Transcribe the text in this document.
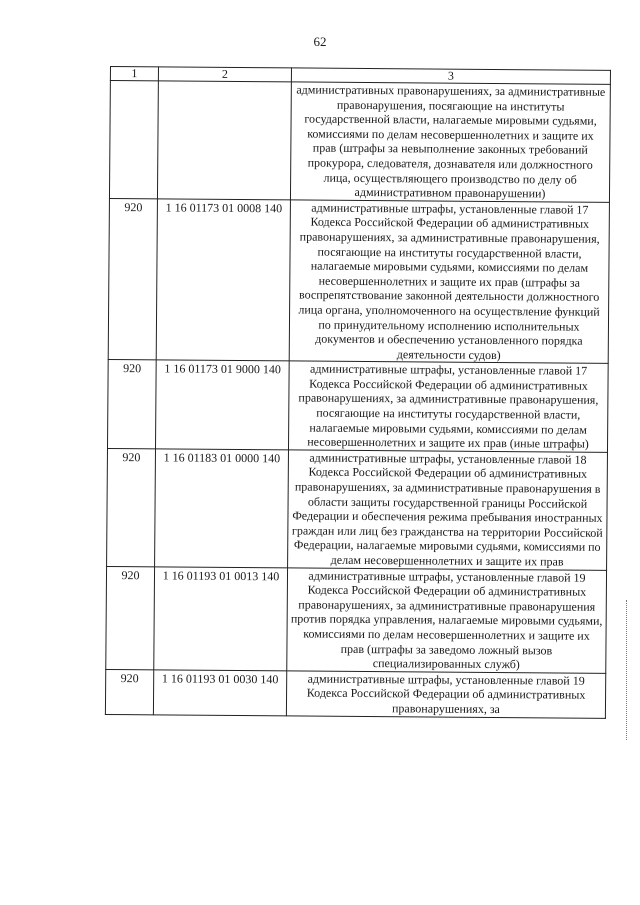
62
1	2	3
		административных правонарушениях, за административные правонарушения, посягающие на институты государственной власти, налагаемые мировыми судьями, комиссиями по делам несовершеннолетних и защите их прав (штрафы за невыполнение законных требований прокурора, следователя, дознавателя или должностного лица, осуществляющего производство по делу об административном правонарушении)
920	1 16 01173 01 0008 140	административные штрафы, установленные главой 17 Кодекса Российской Федерации об административных правонарушениях, за административные правонарушения, посягающие на институты государственной власти, налагаемые мировыми судьями, комиссиями по делам несовершеннолетних и защите их прав (штрафы за воспрепятствование законной деятельности должностного лица органа, уполномоченного на осуществление функций по принудительному исполнению исполнительных документов и обеспечению установленного порядка деятельности судов)
920	1 16 01173 01 9000 140	административные штрафы, установленные главой 17 Кодекса Российской Федерации об административных правонарушениях, за административные правонарушения, посягающие на институты государственной власти, налагаемые мировыми судьями, комиссиями по делам несовершеннолетних и защите их прав (иные штрафы)
920	1 16 01183 01 0000 140	административные штрафы, установленные главой 18 Кодекса Российской Федерации об административных правонарушениях, за административные правонарушения в области защиты государственной границы Российской Федерации и обеспечения режима пребывания иностранных граждан или лиц без гражданства на территории Российской Федерации, налагаемые мировыми судьями, комиссиями по делам несовершеннолетних и защите их прав
920	1 16 01193 01 0013 140	административные штрафы, установленные главой 19 Кодекса Российской Федерации об административных правонарушениях, за административные правонарушения против порядка управления, налагаемые мировыми судьями, комиссиями по делам несовершеннолетних и защите их прав (штрафы за заведомо ложный вызов специализированных служб)
920	1 16 01193 01 0030 140	административные штрафы, установленные главой 19 Кодекса Российской Федерации об административных правонарушениях, за
